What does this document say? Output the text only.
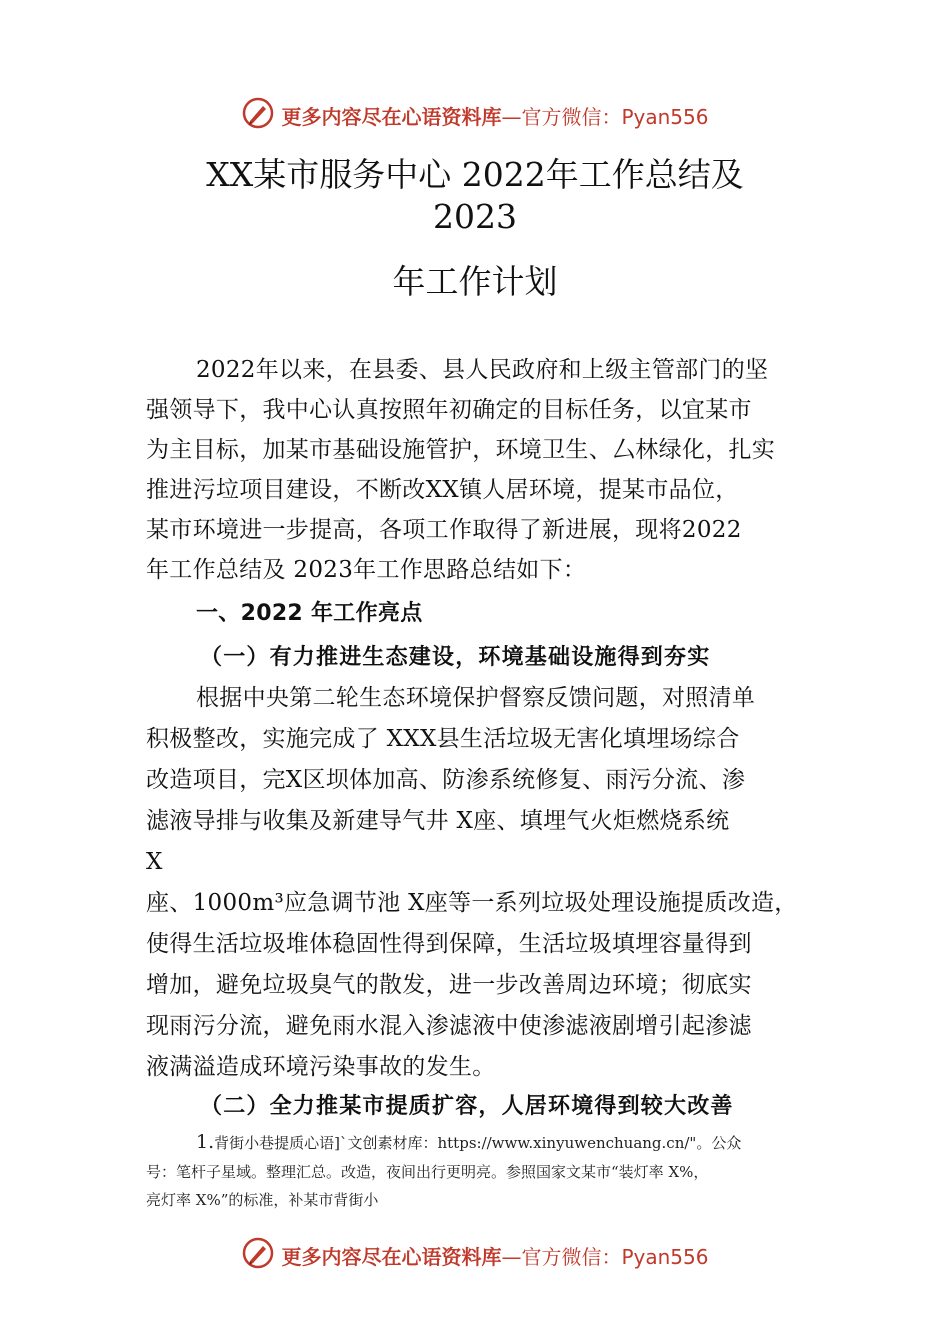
更多内容尽在心语资料库—官方微信：Pyan556
XX某市服务中心 2022年工作总结及
2023
年工作计划
2022年以来，在县委、县人民政府和上级主管部门的坚
强领导下，我中心认真按照年初确定的目标任务，以宜某市
为主目标，加某市基础设施管护，环境卫生、厶林绿化，扎实
推进污垃项目建设，不断改XX镇人居环境，提某市品位，
某市环境进一步提高，各项工作取得了新进展，现将2022
年工作总结及 2023年工作思路总结如下：
一、2022 年工作亮点
（一）有力推进生态建设，环境基础设施得到夯实
根据中央第二轮生态环境保护督察反馈问题，对照清单
积极整改，实施完成了 XXX县生活垃圾无害化填埋场综合
改造项目，完X区坝体加高、防渗系统修复、雨污分流、渗
滤液导排与收集及新建导气井 X座、填埋气火炬燃烧系统
X
座、1000m³应急调节池 X座等一系列垃圾处理设施提质改造，
使得生活垃圾堆体稳固性得到保障，生活垃圾填埋容量得到
增加，避免垃圾臭气的散发，进一步改善周边环境；彻底实
现雨污分流，避免雨水混入渗滤液中使渗滤液剧增引起渗滤
液满溢造成环境污染事故的发生。
（二）全力推某市提质扩容，人居环境得到较大改善
1.背街小巷提质心语]`文创素材库：https://www.xinyuwenchuang.cn/"。公众
号：笔杆子星域。整理汇总。改造，夜间出行更明亮。参照国家文某市“装灯率 X%，
亮灯率 X%”的标准，补某市背街小
更多内容尽在心语资料库—官方微信：Pyan556
